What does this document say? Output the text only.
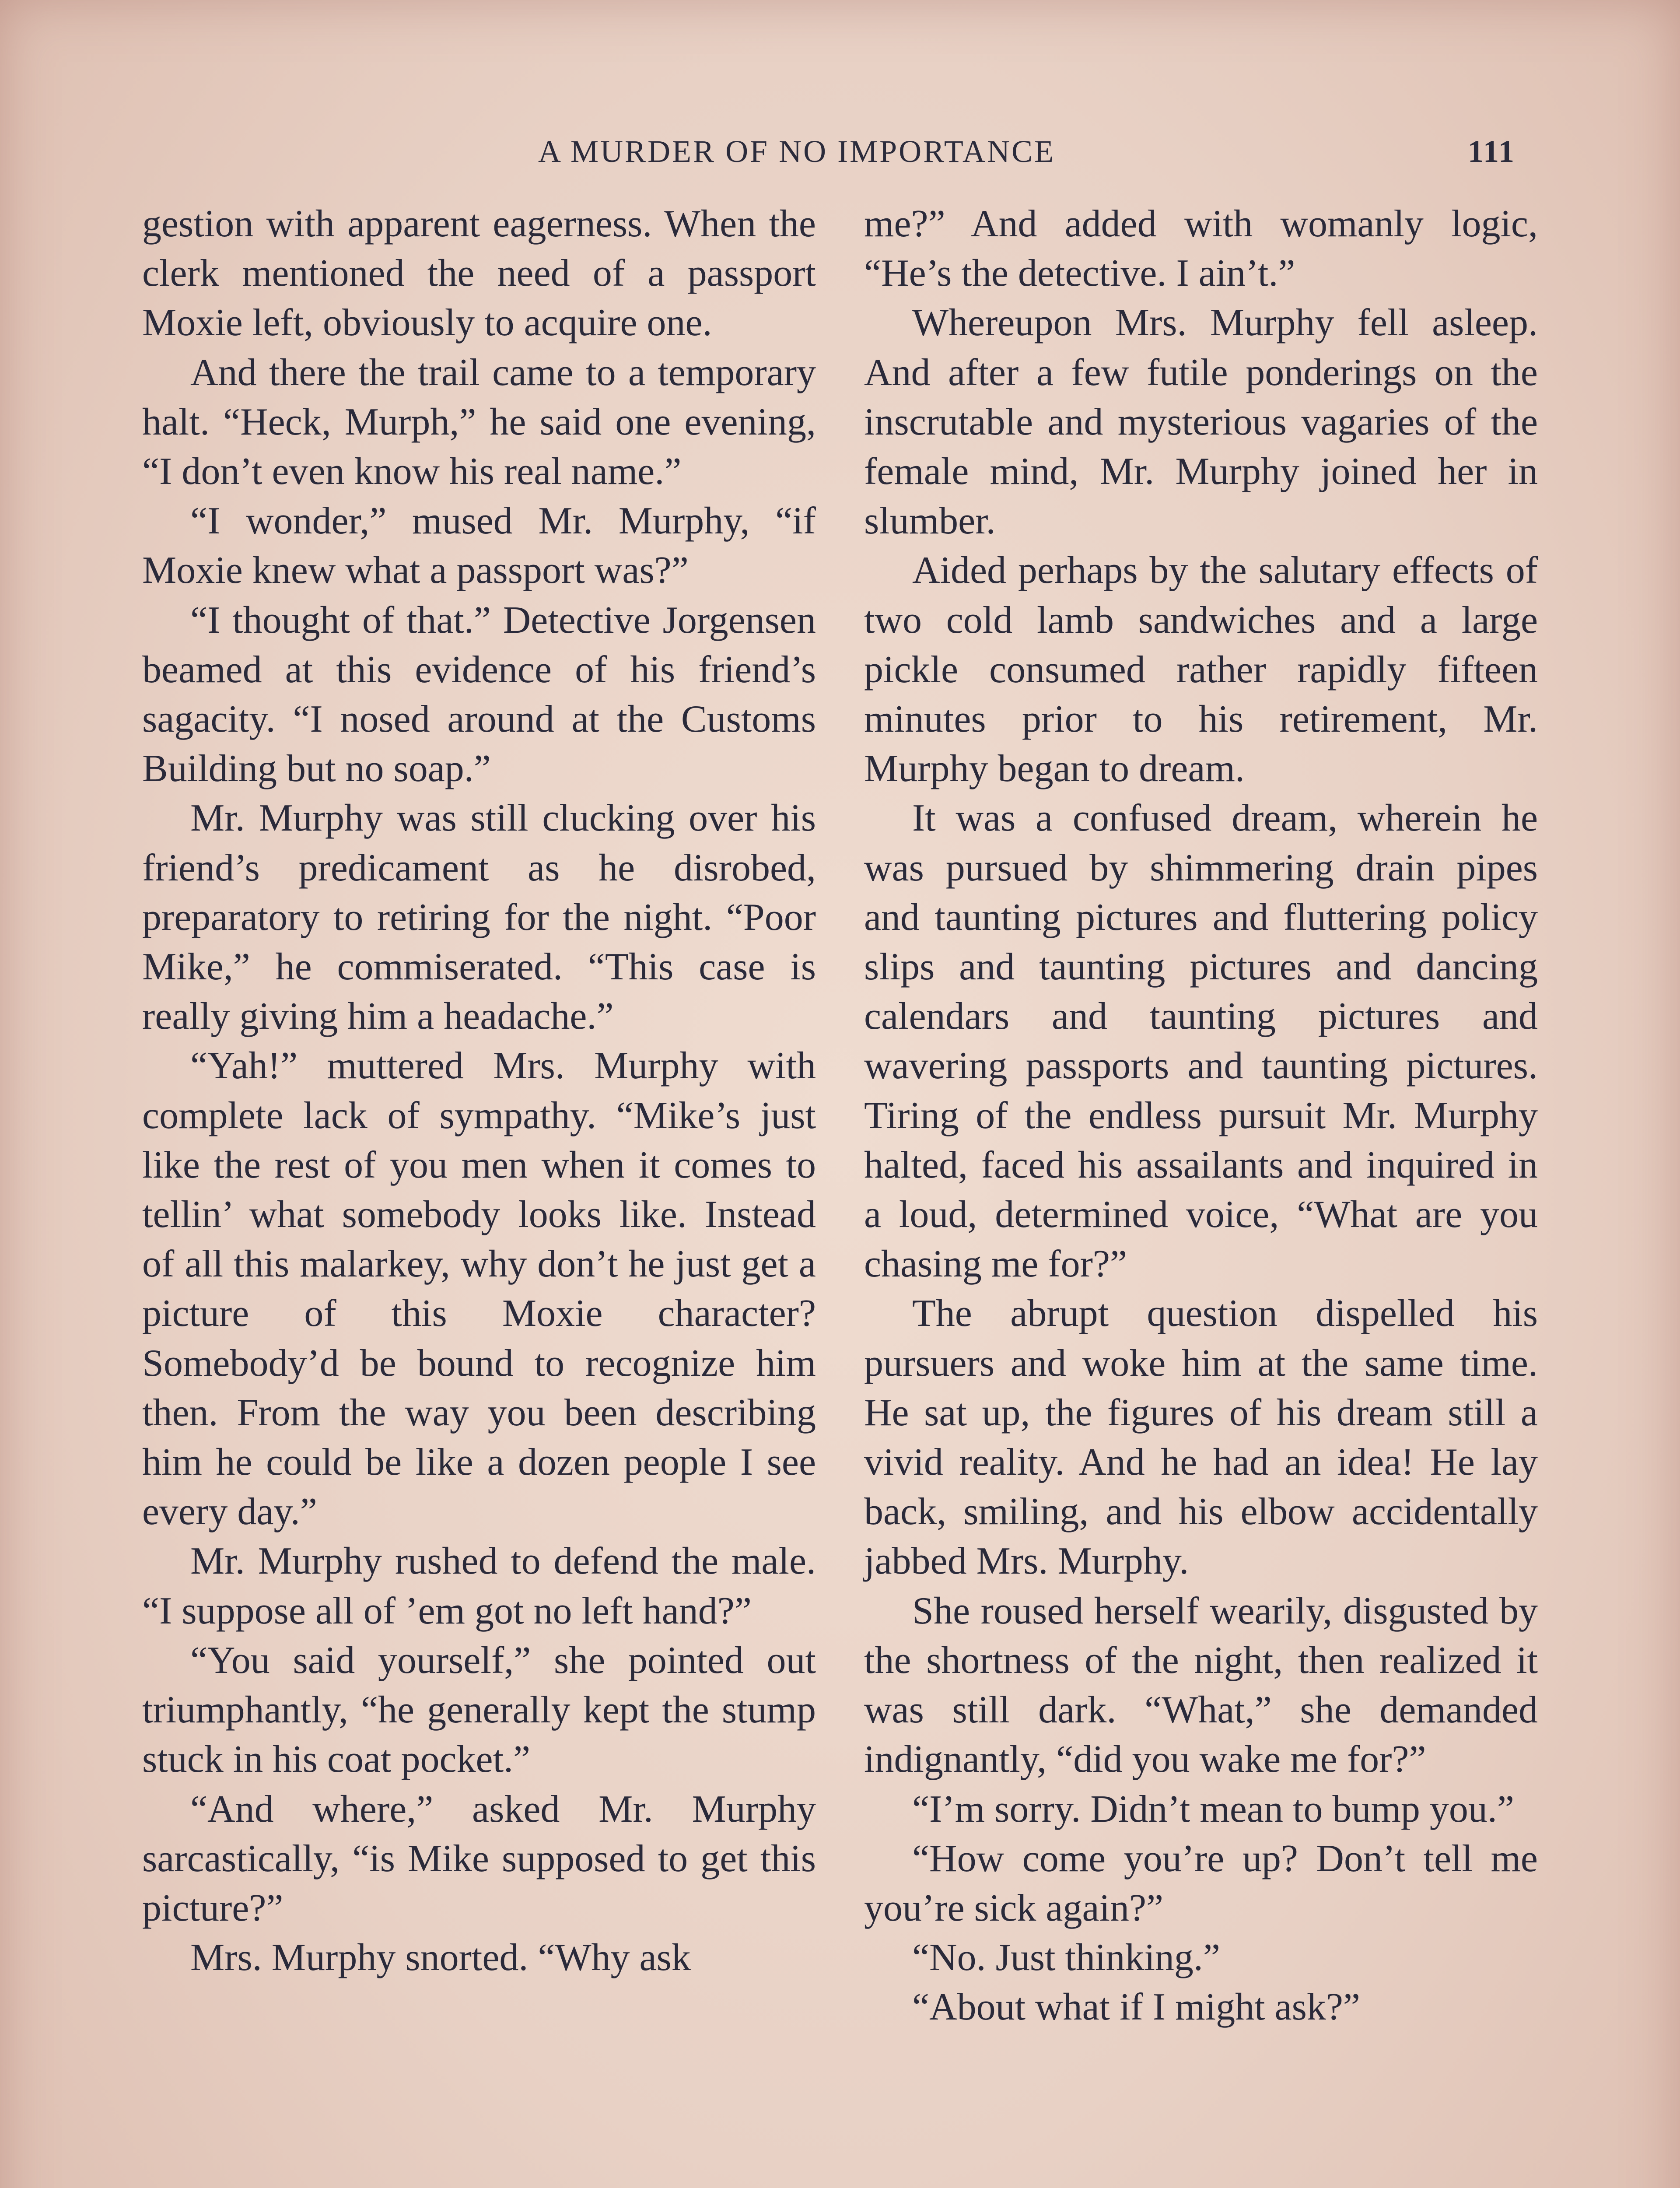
A MURDER OF NO IMPORTANCE	111

gestion with apparent eagerness. When the clerk mentioned the need of a passport Moxie left, obviously to acquire one.

And there the trail came to a temporary halt. “Heck, Murph,” he said one evening, “I don’t even know his real name.”

“I wonder,” mused Mr. Murphy, “if Moxie knew what a passport was?”

“I thought of that.” Detective Jorgensen beamed at this evidence of his friend’s sagacity. “I nosed around at the Customs Building but no soap.”

Mr. Murphy was still clucking over his friend’s predicament as he disrobed, preparatory to retiring for the night. “Poor Mike,” he commiserated. “This case is really giving him a headache.”

“Yah!” muttered Mrs. Murphy with complete lack of sympathy. “Mike’s just like the rest of you men when it comes to tellin’ what somebody looks like. Instead of all this malarkey, why don’t he just get a picture of this Moxie character? Somebody’d be bound to recognize him then. From the way you been describing him he could be like a dozen people I see every day.”

Mr. Murphy rushed to defend the male. “I suppose all of ’em got no left hand?”

“You said yourself,” she pointed out triumphantly, “he generally kept the stump stuck in his coat pocket.”

“And where,” asked Mr. Murphy sarcastically, “is Mike supposed to get this picture?”

Mrs. Murphy snorted. “Why ask

me?” And added with womanly logic, “He’s the detective. I ain’t.”

Whereupon Mrs. Murphy fell asleep. And after a few futile ponderings on the inscrutable and mysterious vagaries of the female mind, Mr. Murphy joined her in slumber.

Aided perhaps by the salutary effects of two cold lamb sandwiches and a large pickle consumed rather rapidly fifteen minutes prior to his retirement, Mr. Murphy began to dream.

It was a confused dream, wherein he was pursued by shimmering drain pipes and taunting pictures and fluttering policy slips and taunting pictures and dancing calendars and taunting pictures and wavering passports and taunting pictures. Tiring of the endless pursuit Mr. Murphy halted, faced his assailants and inquired in a loud, determined voice, “What are you chasing me for?”

The abrupt question dispelled his pursuers and woke him at the same time. He sat up, the figures of his dream still a vivid reality. And he had an idea! He lay back, smiling, and his elbow accidentally jabbed Mrs. Murphy.

She roused herself wearily, disgusted by the shortness of the night, then realized it was still dark. “What,” she demanded indignantly, “did you wake me for?”

“I’m sorry. Didn’t mean to bump you.”

“How come you’re up? Don’t tell me you’re sick again?”

“No. Just thinking.”

“About what if I might ask?”
